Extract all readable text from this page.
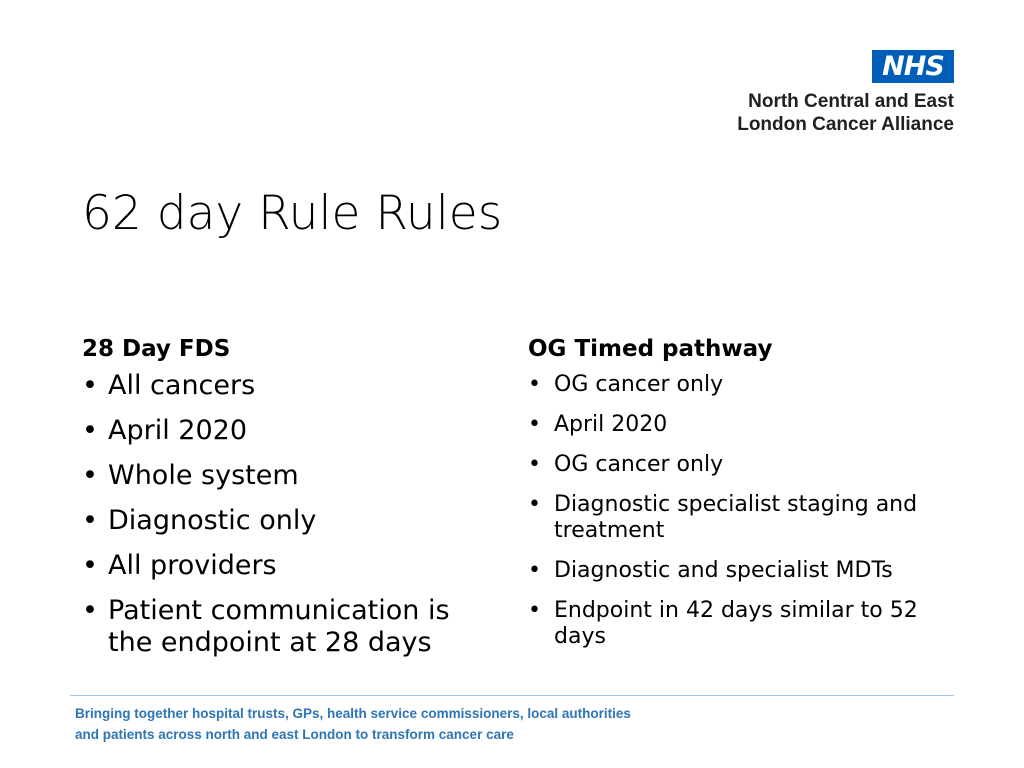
NHS
North Central and East
London Cancer Alliance
62 day Rule Rules
28 Day FDS
• All cancers
• April 2020
• Whole system
• Diagnostic only
• All providers
• Patient communication is the endpoint at 28 days
OG Timed pathway
• OG cancer only
• April 2020
• OG cancer only
• Diagnostic specialist staging and treatment
• Diagnostic and specialist MDTs
• Endpoint in 42 days similar to 52 days
Bringing together hospital trusts, GPs, health service commissioners, local authorities
and patients across north and east London to transform cancer care
